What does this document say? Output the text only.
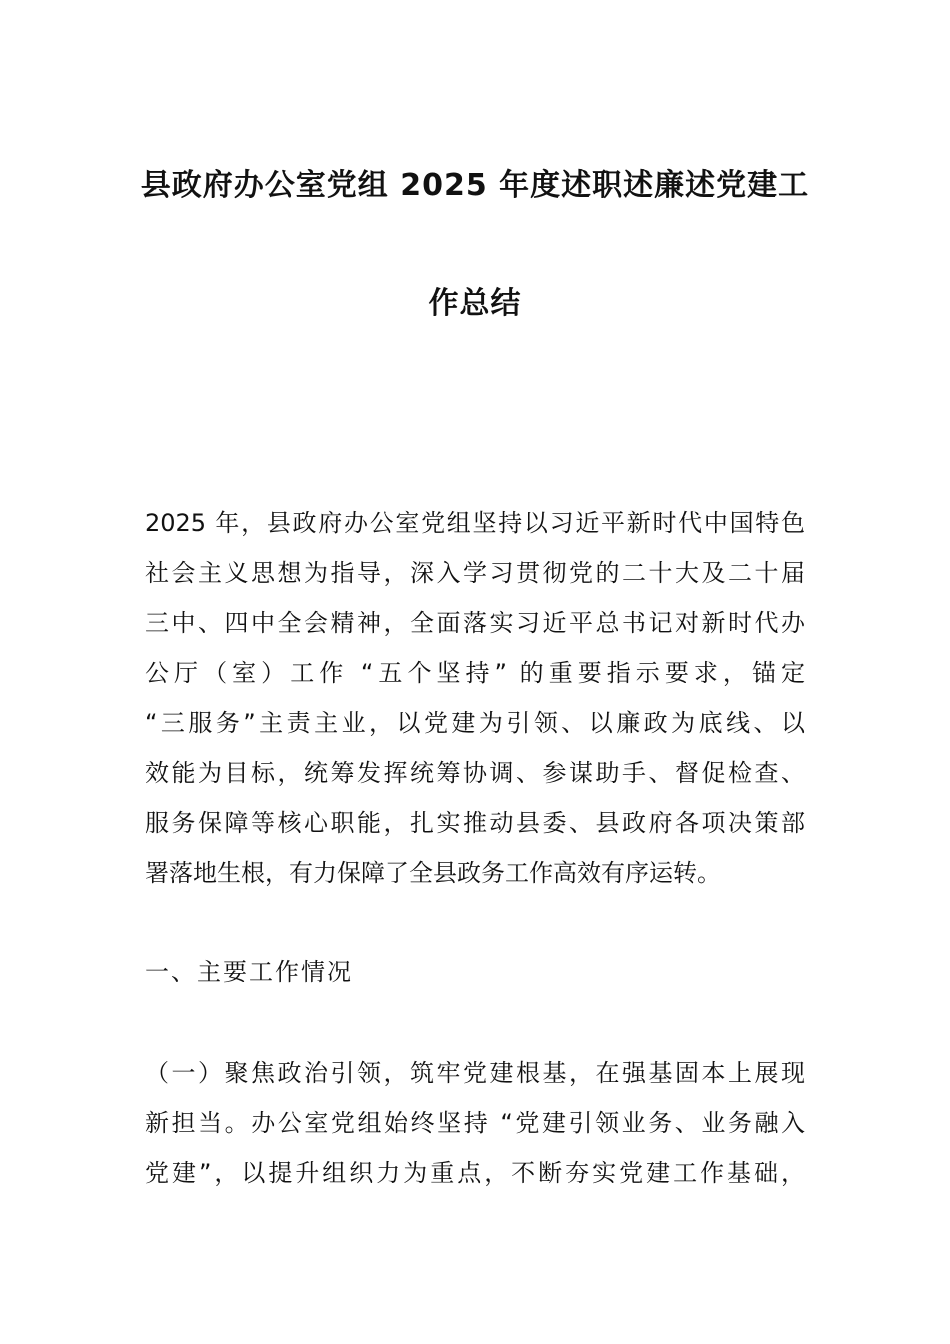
县政府办公室党组 2025 年度述职述廉述党建工
作总结
2025 年，县政府办公室党组坚持以习近平新时代中国特色
社会主义思想为指导，深入学习贯彻党的二十大及二十届
三中、四中全会精神，全面落实习近平总书记对新时代办
公厅（室）工作 “五个坚持” 的重要指示要求，锚定
“三服务”主责主业，以党建为引领、以廉政为底线、以
效能为目标，统筹发挥统筹协调、参谋助手、督促检查、
服务保障等核心职能，扎实推动县委、县政府各项决策部
署落地生根，有力保障了全县政务工作高效有序运转。
一、主要工作情况
（一）聚焦政治引领，筑牢党建根基，在强基固本上展现
新担当。办公室党组始终坚持 “党建引领业务、业务融入
党建”，以提升组织力为重点，不断夯实党建工作基础，
